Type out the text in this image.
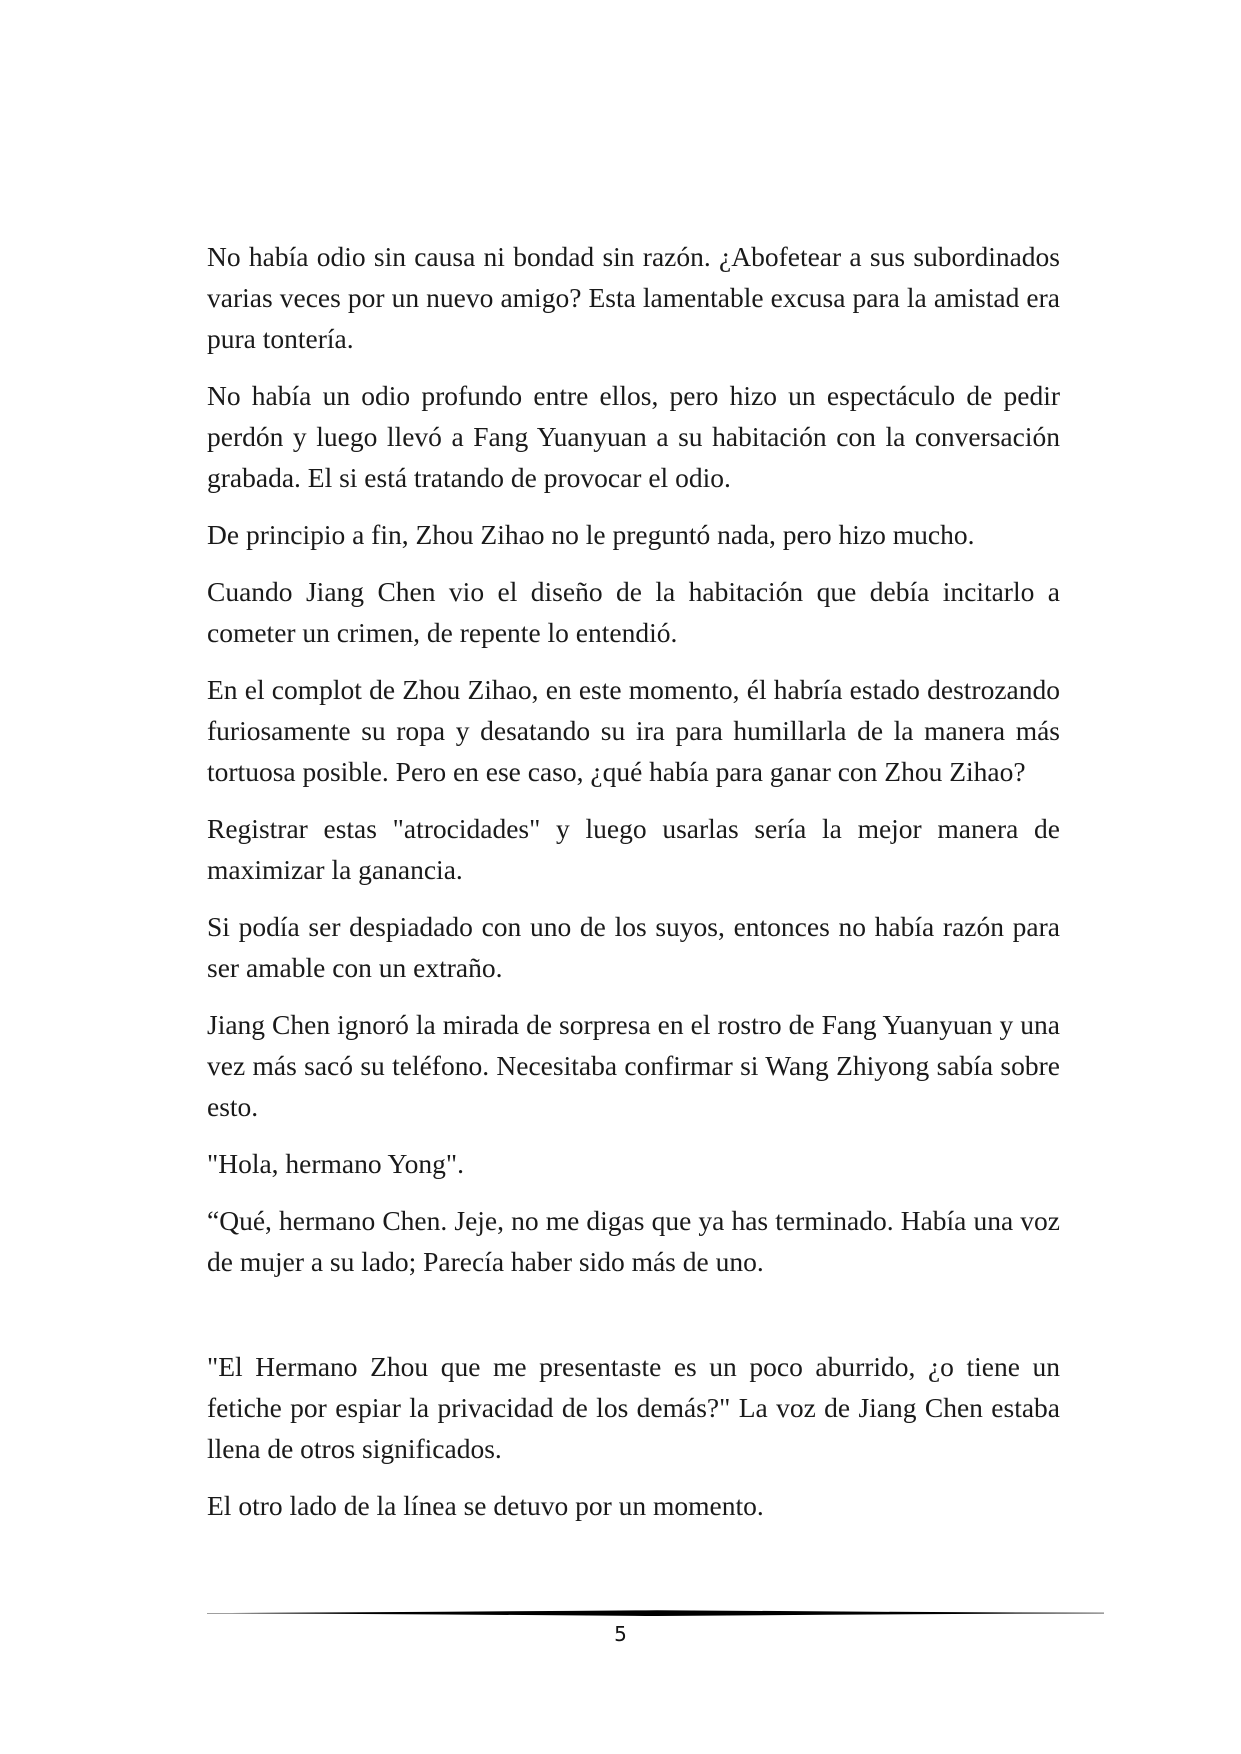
No había odio sin causa ni bondad sin razón. ¿Abofetear a sus subordinados varias veces por un nuevo amigo? Esta lamentable excusa para la amistad era pura tontería.

No había un odio profundo entre ellos, pero hizo un espectáculo de pedir perdón y luego llevó a Fang Yuanyuan a su habitación con la conversación grabada. El si está tratando de provocar el odio.

De principio a fin, Zhou Zihao no le preguntó nada, pero hizo mucho.

Cuando Jiang Chen vio el diseño de la habitación que debía incitarlo a cometer un crimen, de repente lo entendió.

En el complot de Zhou Zihao, en este momento, él habría estado destrozando furiosamente su ropa y desatando su ira para humillarla de la manera más tortuosa posible. Pero en ese caso, ¿qué había para ganar con Zhou Zihao?

Registrar estas "atrocidades" y luego usarlas sería la mejor manera de maximizar la ganancia.

Si podía ser despiadado con uno de los suyos, entonces no había razón para ser amable con un extraño.

Jiang Chen ignoró la mirada de sorpresa en el rostro de Fang Yuanyuan y una vez más sacó su teléfono. Necesitaba confirmar si Wang Zhiyong sabía sobre esto.

"Hola, hermano Yong".

“Qué, hermano Chen. Jeje, no me digas que ya has terminado. Había una voz de mujer a su lado; Parecía haber sido más de uno.

"El Hermano Zhou que me presentaste es un poco aburrido, ¿o tiene un fetiche por espiar la privacidad de los demás?" La voz de Jiang Chen estaba llena de otros significados.

El otro lado de la línea se detuvo por un momento.

5
